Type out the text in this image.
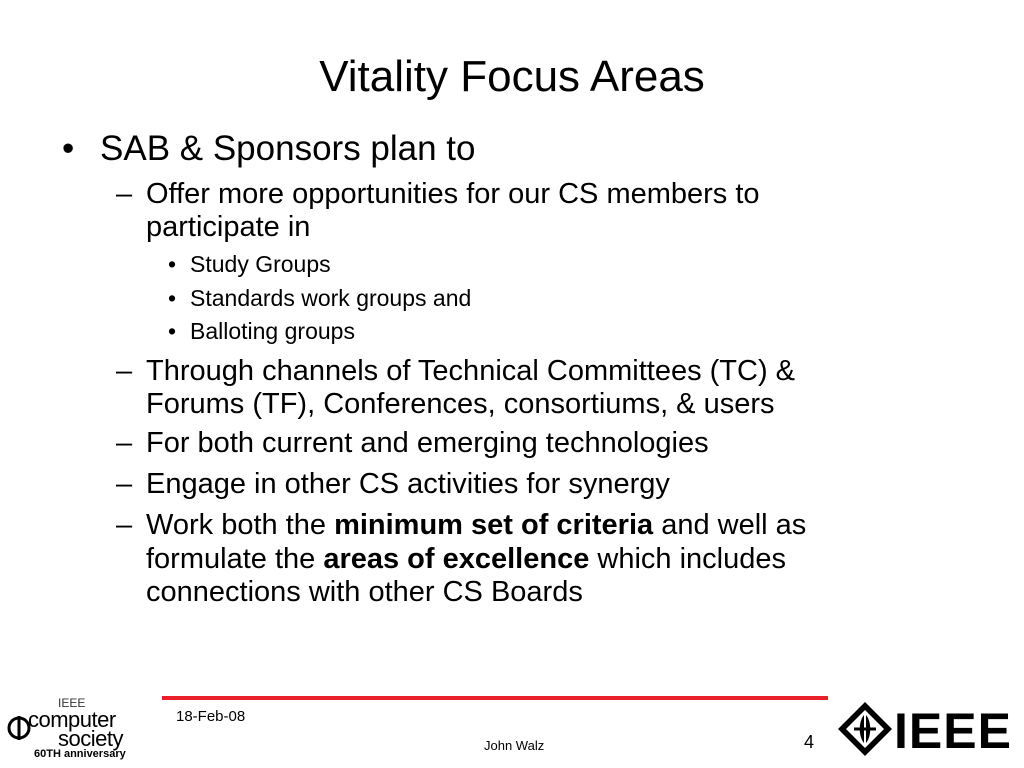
Vitality Focus Areas
• SAB & Sponsors plan to
– Offer more opportunities for our CS members to
participate in
• Study Groups
• Standards work groups and
• Balloting groups
– Through channels of Technical Committees (TC) &
Forums (TF), Conferences, consortiums, & users
– For both current and emerging technologies
– Engage in other CS activities for synergy
– Work both the minimum set of criteria and well as
formulate the areas of excellence which includes
connections with other CS Boards
18-Feb-08
John Walz	4
IEEE
computer
society
60TH anniversary	IEEE
